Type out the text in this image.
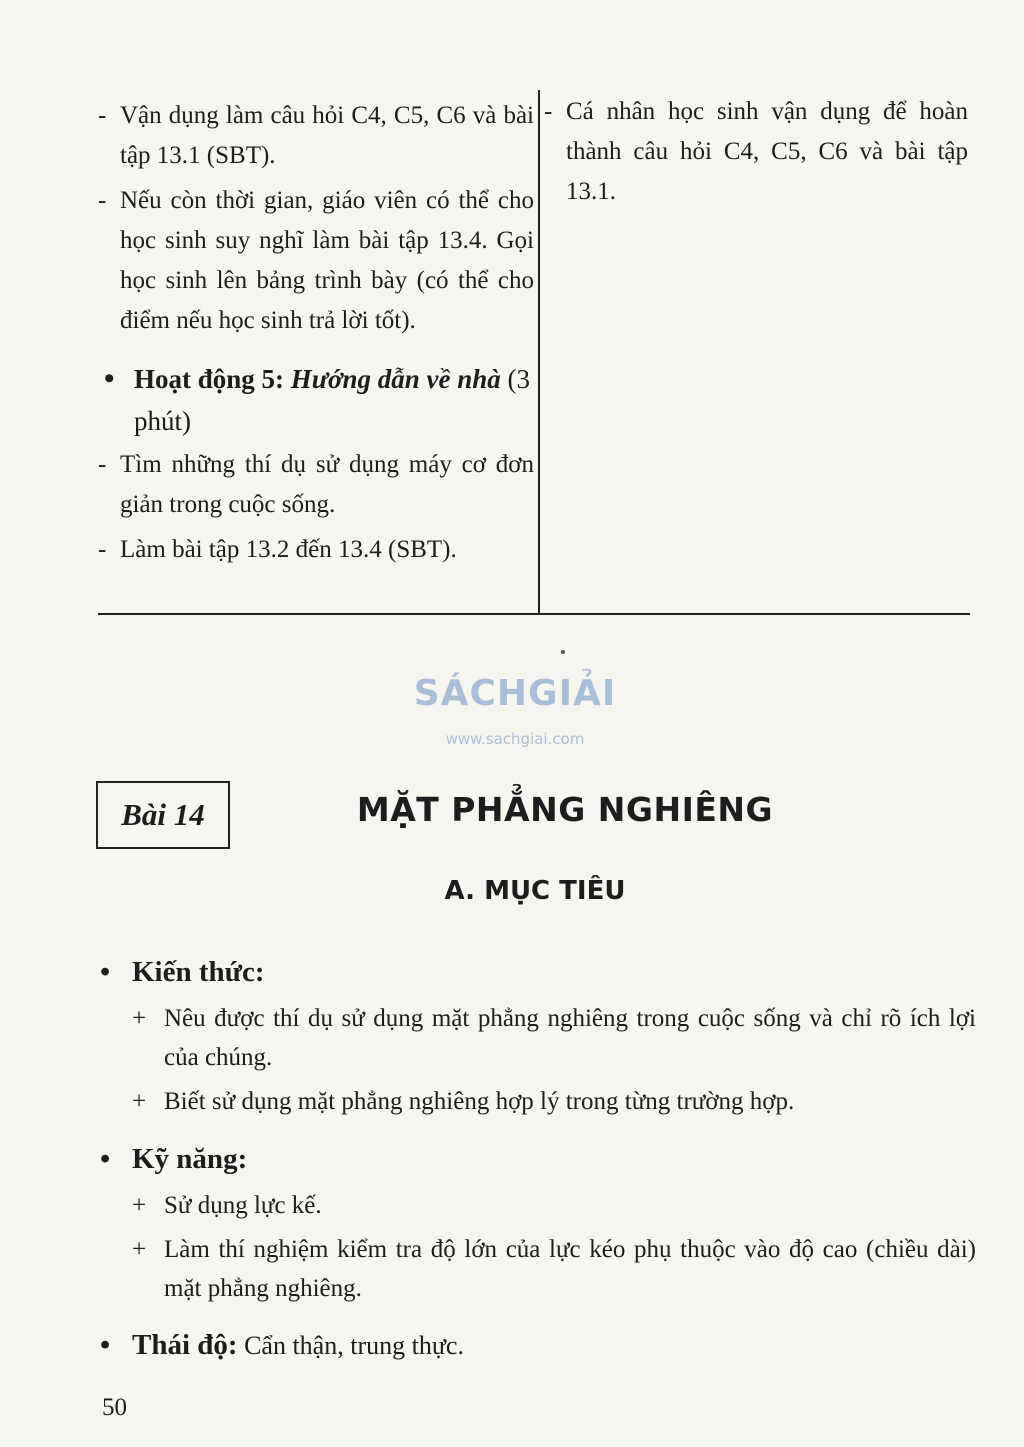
- Vận dụng làm câu hỏi C4, C5, C6 và bài tập 13.1 (SBT).
- Nếu còn thời gian, giáo viên có thể cho học sinh suy nghĩ làm bài tập 13.4. Gọi học sinh lên bảng trình bày (có thể cho điểm nếu học sinh trả lời tốt).
• Hoạt động 5: Hướng dẫn về nhà (3 phút)
- Tìm những thí dụ sử dụng máy cơ đơn giản trong cuộc sống.
- Làm bài tập 13.2 đến 13.4 (SBT).
- Cá nhân học sinh vận dụng để hoàn thành câu hỏi C4, C5, C6 và bài tập 13.1.
SÁCHGIẢI
www.sachgiai.com
Bài 14	MẶT PHẲNG NGHIÊNG
A. MỤC TIÊU
• Kiến thức:
+ Nêu được thí dụ sử dụng mặt phẳng nghiêng trong cuộc sống và chỉ rõ ích lợi của chúng.
+ Biết sử dụng mặt phẳng nghiêng hợp lý trong từng trường hợp.
• Kỹ năng:
+ Sử dụng lực kế.
+ Làm thí nghiệm kiểm tra độ lớn của lực kéo phụ thuộc vào độ cao (chiều dài) mặt phẳng nghiêng.
• Thái độ: Cẩn thận, trung thực.
50
